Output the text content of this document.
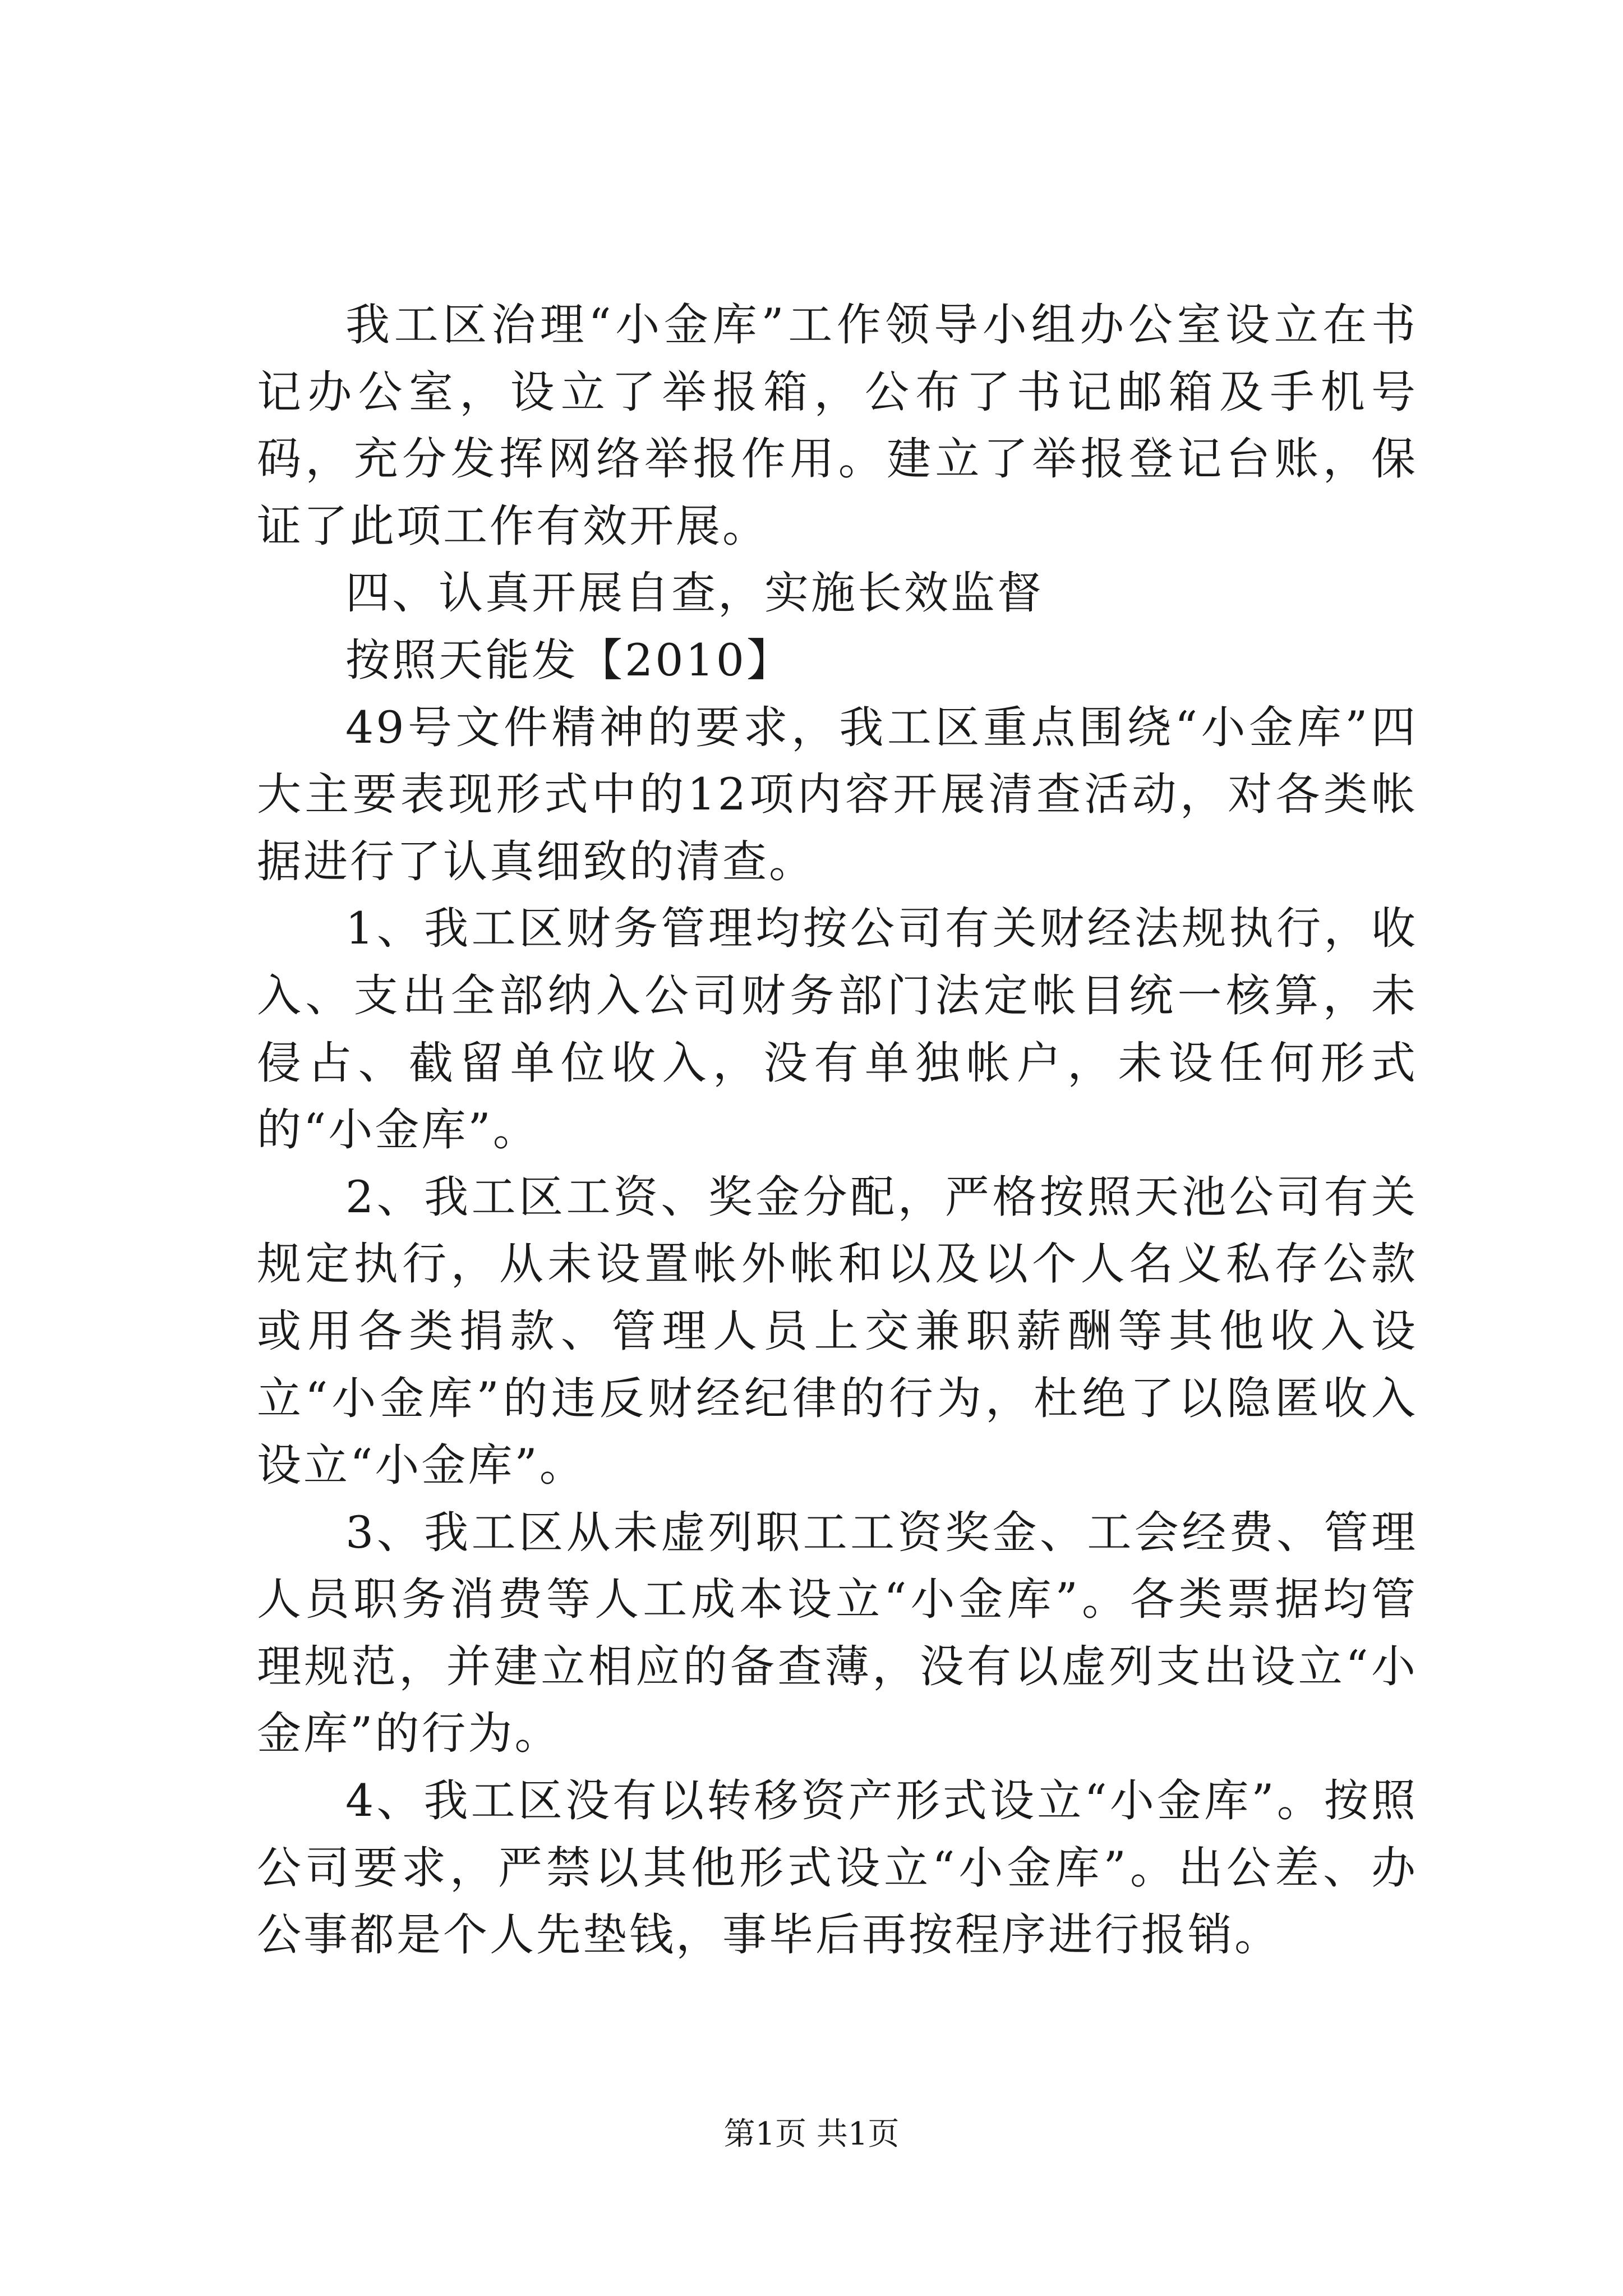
我工区治理“小金库”工作领导小组办公室设立在书记办公室，设立了举报箱，公布了书记邮箱及手机号码，充分发挥网络举报作用。建立了举报登记台账，保证了此项工作有效开展。

四、认真开展自查，实施长效监督

按照天能发【2010】

49号文件精神的要求，我工区重点围绕“小金库”四大主要表现形式中的12项内容开展清查活动，对各类帐据进行了认真细致的清查。

1、我工区财务管理均按公司有关财经法规执行，收入、支出全部纳入公司财务部门法定帐目统一核算，未侵占、截留单位收入，没有单独帐户，未设任何形式的“小金库”。

2、我工区工资、奖金分配，严格按照天池公司有关规定执行，从未设置帐外帐和以及以个人名义私存公款或用各类捐款、管理人员上交兼职薪酬等其他收入设立“小金库”的违反财经纪律的行为，杜绝了以隐匿收入设立“小金库”。

3、我工区从未虚列职工工资奖金、工会经费、管理人员职务消费等人工成本设立“小金库”。各类票据均管理规范，并建立相应的备查薄，没有以虚列支出设立“小金库”的行为。

4、我工区没有以转移资产形式设立“小金库”。按照公司要求，严禁以其他形式设立“小金库”。出公差、办公事都是个人先垫钱，事毕后再按程序进行报销。

第1页 共1页
